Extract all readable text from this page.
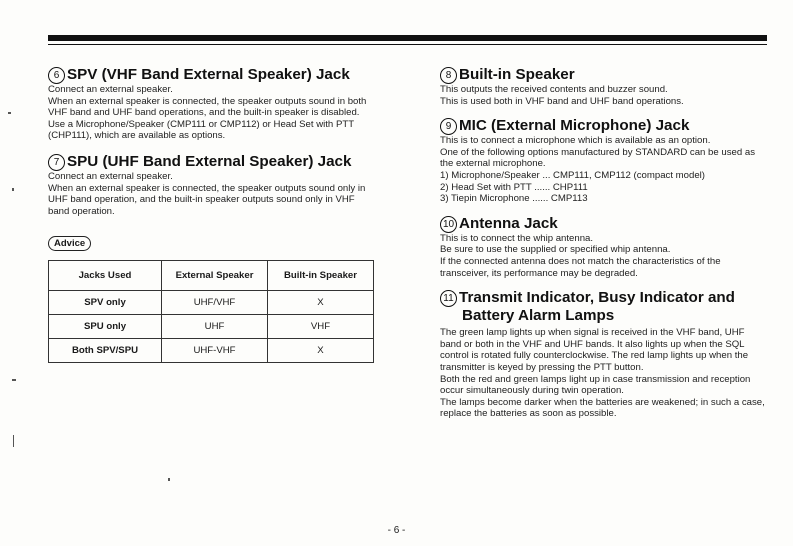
6 SPV (VHF Band External Speaker) Jack

Connect an external speaker.

When an external speaker is connected, the speaker outputs sound in both VHF band and UHF band operations, and the built-in speaker is disabled.

Use a Microphone/Speaker (CMP111 or CMP112) or Head Set with PTT (CHP111), which are available as options.

7 SPU (UHF Band External Speaker) Jack

Connect an external speaker.

When an external speaker is connected, the speaker outputs sound only in UHF band operation, and the built-in speaker outputs sound only in VHF band operation.

Advice
Jacks Used	External Speaker	Built-in Speaker
SPV only	UHF/VHF	X
SPU only	UHF	VHF
Both SPV/SPU	UHF-VHF	X
8 Built-in Speaker

This outputs the received contents and buzzer sound.

This is used both in VHF band and UHF band operations.

9 MIC (External Microphone) Jack

This is to connect a microphone which is available as an option.

One of the following options manufactured by STANDARD can be used as the external microphone.

1) Microphone/Speaker ... CMP111, CMP112 (compact model)

2) Head Set with PTT ...... CHP111

3) Tiepin Microphone ...... CMP113

10 Antenna Jack

This is to connect the whip antenna.

Be sure to use the supplied or specified whip antenna.

If the connected antenna does not match the characteristics of the transceiver, its performance may be degraded.

11 Transmit Indicator, Busy Indicator and
Battery Alarm Lamps

The green lamp lights up when signal is received in the VHF band, UHF band or both in the VHF and UHF bands. It also lights up when the SQL control is rotated fully counterclockwise. The red lamp lights up when the transmitter is keyed by pressing the PTT button.

Both the red and green lamps light up in case transmission and reception occur simultaneously during twin operation.

The lamps become darker when the batteries are weakened; in such a case, replace the batteries as soon as possible.

- 6 -
